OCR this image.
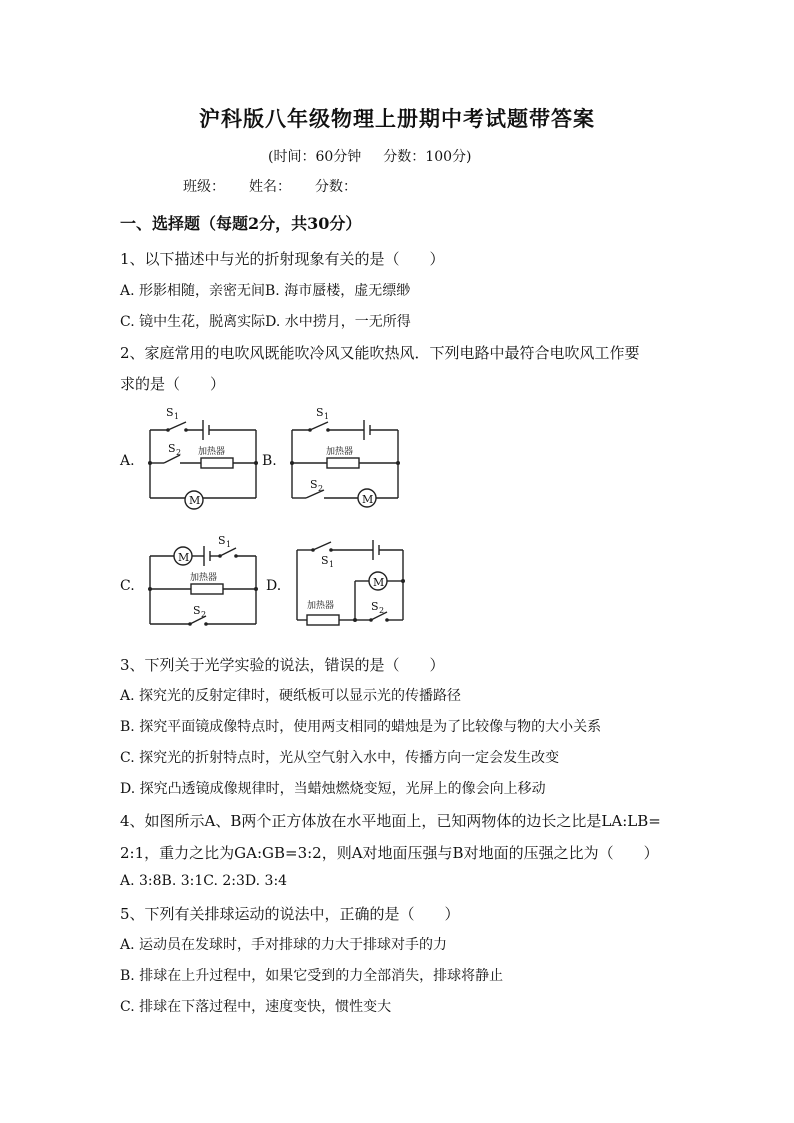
沪科版八年级物理上册期中考试题带答案
(时间：60分钟 分数：100分)
班级： 姓名： 分数：
一、选择题（每题2分，共30分）
1、以下描述中与光的折射现象有关的是（　　）
A. 形影相随，亲密无间B. 海市蜃楼，虚无缥缈
C. 镜中生花，脱离实际D. 水中捞月，一无所得
2、家庭常用的电吹风既能吹冷风又能吹热风．下列电路中最符合电吹风工作要
求的是（　　）
A.	B.
C.	D.
S 1
S 2 加热器
M
S 1
S 2
加热器
M
S 1
S 2
加热器
M	S 1
S 2
加热器
M
3、下列关于光学实验的说法，错误的是（　　）
A. 探究光的反射定律时，硬纸板可以显示光的传播路径
B. 探究平面镜成像特点时，使用两支相同的蜡烛是为了比较像与物的大小关系
C. 探究光的折射特点时，光从空气射入水中，传播方向一定会发生改变
D. 探究凸透镜成像规律时，当蜡烛燃烧变短，光屏上的像会向上移动
4、如图所示A、B两个正方体放在水平地面上，已知两物体的边长之比是LA:LB=
2:1，重力之比为GA:GB=3:2，则A对地面压强与B对地面的压强之比为（　　）
A. 3:8B. 3:1C. 2:3D. 3:4
5、下列有关排球运动的说法中，正确的是（　　）
A. 运动员在发球时，手对排球的力大于排球对手的力
B. 排球在上升过程中，如果它受到的力全部消失，排球将静止
C. 排球在下落过程中，速度变快，惯性变大
